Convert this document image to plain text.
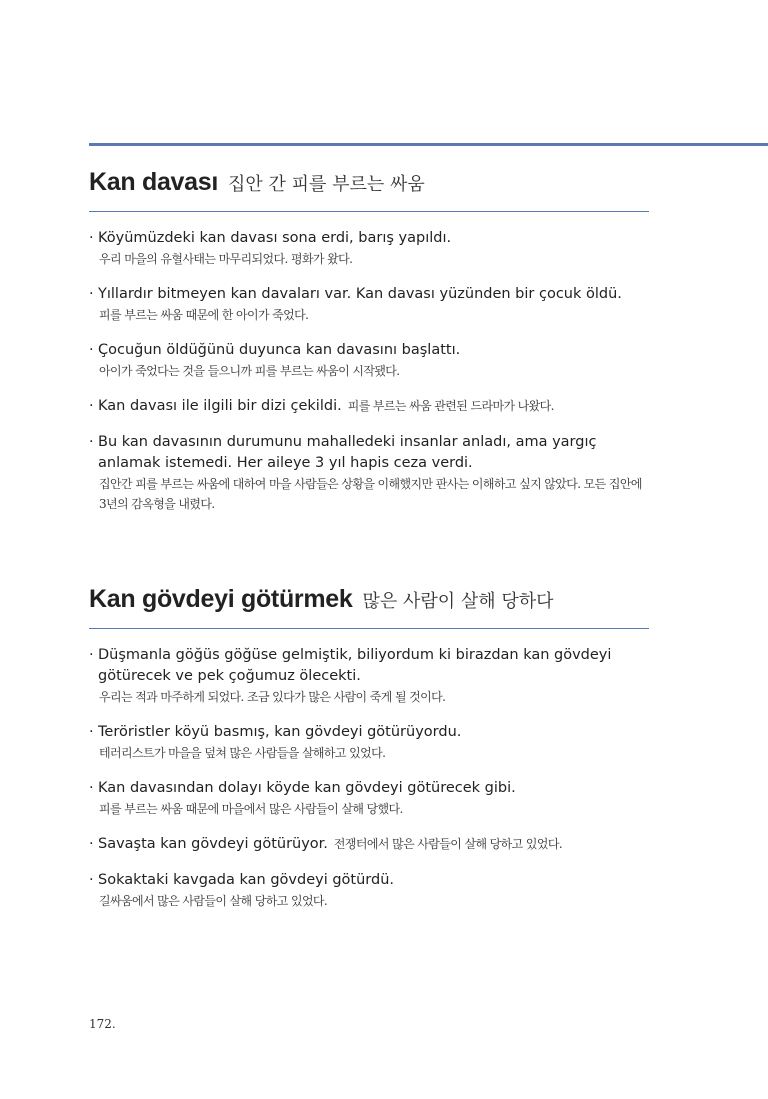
Kan davası 집안 간 피를 부르는 싸움
· Köyümüzdeki kan davası sona erdi, barış yapıldı.
우리 마을의 유혈사태는 마무리되었다. 평화가 왔다.
· Yıllardır bitmeyen kan davaları var. Kan davası yüzünden bir çocuk öldü.
피를 부르는 싸움 때문에 한 아이가 죽었다.
· Çocuğun öldüğünü duyunca kan davasını başlattı.
아이가 죽었다는 것을 들으니까 피를 부르는 싸움이 시작됐다.
· Kan davası ile ilgili bir dizi çekildi. 피를 부르는 싸움 관련된 드라마가 나왔다.
· Bu kan davasının durumunu mahalledeki insanlar anladı, ama yargıç anlamak istemedi. Her aileye 3 yıl hapis ceza verdi.
집안간 피를 부르는 싸움에 대하여 마을 사람들은 상황을 이해했지만 판사는 이해하고 싶지 않았다. 모든 집안에 3년의 감옥형을 내렸다.
Kan gövdeyi götürmek 많은 사람이 살해 당하다
· Düşmanla göğüs göğüse gelmiştik, biliyordum ki birazdan kan gövdeyi götürecek ve pek çoğumuz ölecekti.
우리는 적과 마주하게 되었다. 조금 있다가 많은 사람이 죽게 될 것이다.
· Teröristler köyü basmış, kan gövdeyi götürüyordu.
테러리스트가 마을을 덮쳐 많은 사람들을 살해하고 있었다.
· Kan davasından dolayı köyde kan gövdeyi götürecek gibi.
피를 부르는 싸움 때문에 마을에서 많은 사람들이 살해 당했다.
· Savaşta kan gövdeyi götürüyor. 전쟁터에서 많은 사람들이 살해 당하고 있었다.
· Sokaktaki kavgada kan gövdeyi götürdü.
길싸움에서 많은 사람들이 살해 당하고 있었다.
172.
